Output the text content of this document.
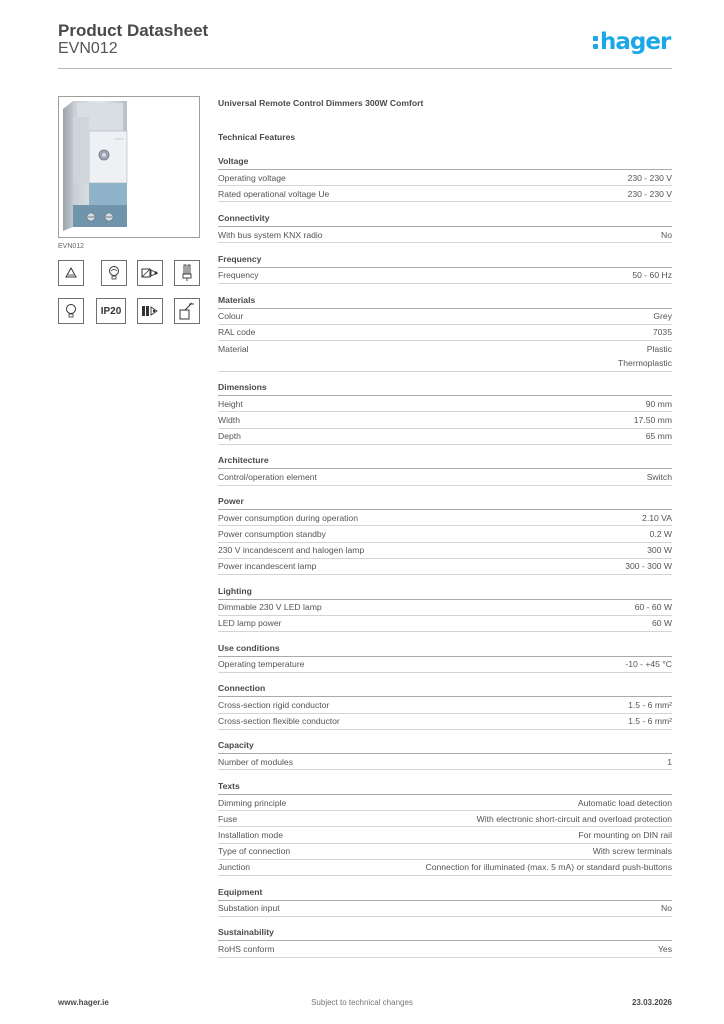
Product Datasheet
EVN012	hager
EVN012
IP20
Universal Remote Control Dimmers 300W Comfort
Technical Features
Voltage
Operating voltage	230 - 230 V
Rated operational voltage Ue	230 - 230 V
Connectivity
With bus system KNX radio	No
Frequency
Frequency	50 - 60 Hz
Materials
Colour	Grey
RAL code	7035
Material	Plastic
Thermoplastic
Dimensions
Height	90 mm
Width	17.50 mm
Depth	65 mm
Architecture
Control/operation element	Switch
Power
Power consumption during operation	2.10 VA
Power consumption standby	0.2 W
230 V incandescent and halogen lamp	300 W
Power incandescent lamp	300 - 300 W
Lighting
Dimmable 230 V LED lamp	60 - 60 W
LED lamp power	60 W
Use conditions
Operating temperature	-10 - +45 °C
Connection
Cross-section rigid conductor	1.5 - 6 mm²
Cross-section flexible conductor	1.5 - 6 mm²
Capacity
Number of modules	1
Texts
Dimming principle	Automatic load detection
Fuse	With electronic short-circuit and overload protection
Installation mode	For mounting on DIN rail
Type of connection	With screw terminals
Junction	Connection for illuminated (max. 5 mA) or standard push-buttons
Equipment
Substation input	No
Sustainability
RoHS conform	Yes
www.hager.ie	Subject to technical changes	23.03.2026
